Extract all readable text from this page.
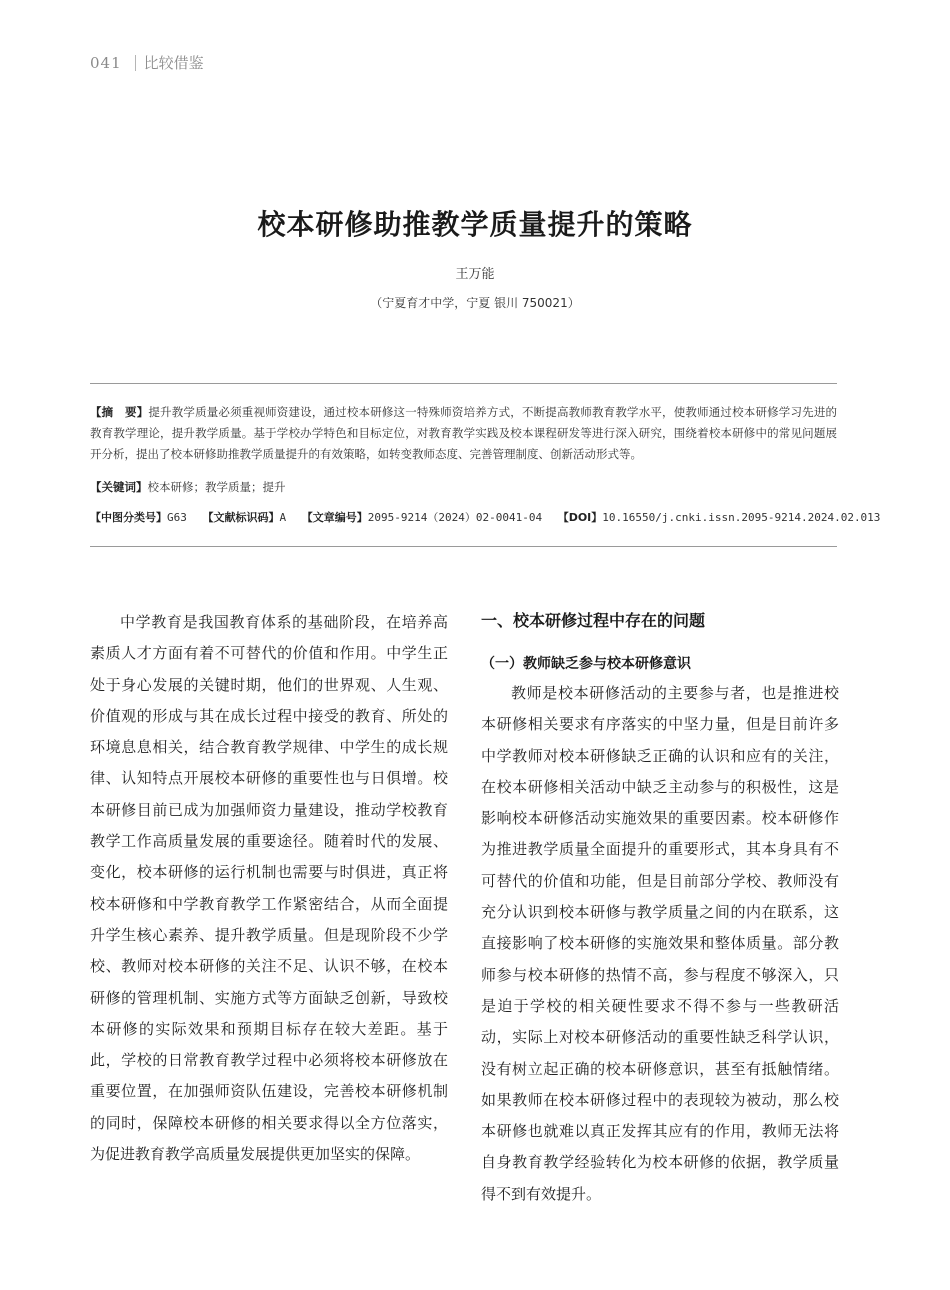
041 比较借鉴
校本研修助推教学质量提升的策略
王万能
（宁夏育才中学，宁夏 银川 750021）
【摘　要】提升教学质量必须重视师资建设，通过校本研修这一特殊师资培养方式，不断提高教师教育教学水平，使教师通过校本研修学习先进的教育教学理论，提升教学质量。基于学校办学特色和目标定位，对教育教学实践及校本课程研发等进行深入研究，围绕着校本研修中的常见问题展开分析，提出了校本研修助推教学质量提升的有效策略，如转变教师态度、完善管理制度、创新活动形式等。
【关键词】校本研修；教学质量；提升
【中图分类号】G63 【文献标识码】A 【文章编号】2095-9214（2024）02-0041-04 【DOI】10.16550/j.cnki.issn.2095-9214.2024.02.013

中学教育是我国教育体系的基础阶段，在培养高素质人才方面有着不可替代的价值和作用。中学生正处于身心发展的关键时期，他们的世界观、人生观、价值观的形成与其在成长过程中接受的教育、所处的环境息息相关，结合教育教学规律、中学生的成长规律、认知特点开展校本研修的重要性也与日俱增。校本研修目前已成为加强师资力量建设，推动学校教育教学工作高质量发展的重要途径。随着时代的发展、变化，校本研修的运行机制也需要与时俱进，真正将校本研修和中学教育教学工作紧密结合，从而全面提升学生核心素养、提升教学质量。但是现阶段不少学校、教师对校本研修的关注不足、认识不够，在校本研修的管理机制、实施方式等方面缺乏创新，导致校本研修的实际效果和预期目标存在较大差距。基于此，学校的日常教育教学过程中必须将校本研修放在重要位置，在加强师资队伍建设，完善校本研修机制的同时，保障校本研修的相关要求得以全方位落实，为促进教育教学高质量发展提供更加坚实的保障。

一、校本研修过程中存在的问题
（一）教师缺乏参与校本研修意识

教师是校本研修活动的主要参与者，也是推进校本研修相关要求有序落实的中坚力量，但是目前许多中学教师对校本研修缺乏正确的认识和应有的关注，在校本研修相关活动中缺乏主动参与的积极性，这是影响校本研修活动实施效果的重要因素。校本研修作为推进教学质量全面提升的重要形式，其本身具有不可替代的价值和功能，但是目前部分学校、教师没有充分认识到校本研修与教学质量之间的内在联系，这直接影响了校本研修的实施效果和整体质量。部分教师参与校本研修的热情不高，参与程度不够深入，只是迫于学校的相关硬性要求不得不参与一些教研活动，实际上对校本研修活动的重要性缺乏科学认识，没有树立起正确的校本研修意识，甚至有抵触情绪。如果教师在校本研修过程中的表现较为被动，那么校本研修也就难以真正发挥其应有的作用，教师无法将自身教育教学经验转化为校本研修的依据，教学质量得不到有效提升。
